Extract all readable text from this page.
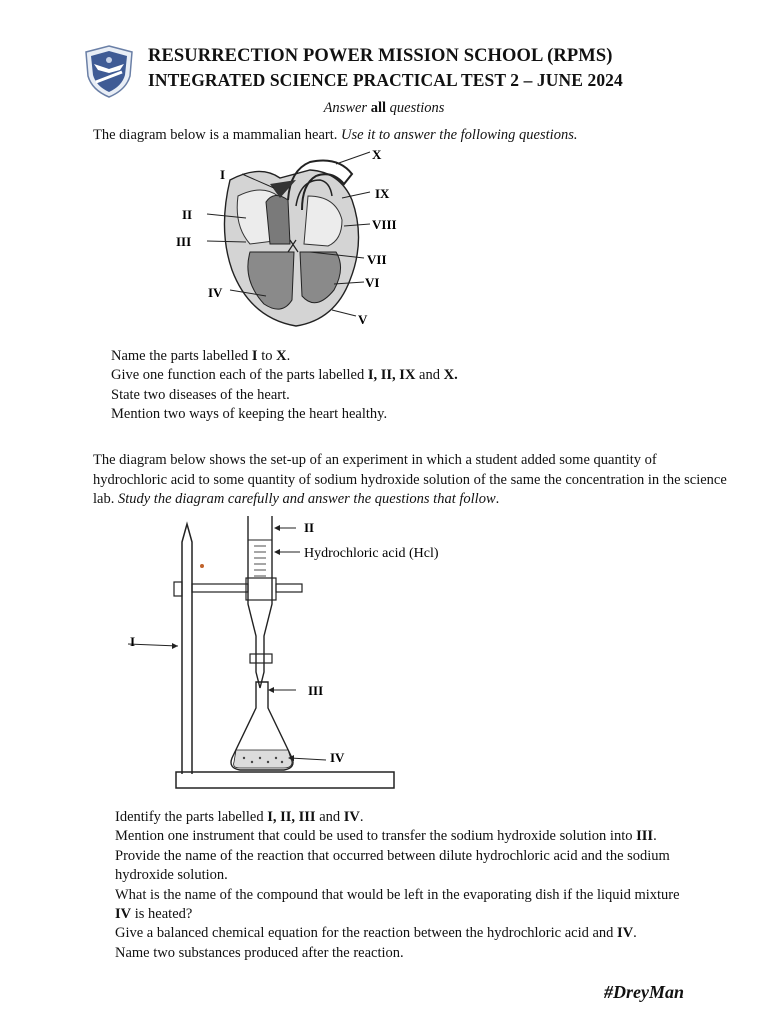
RESURRECTION POWER MISSION SCHOOL (RPMS)
INTEGRATED SCIENCE PRACTICAL TEST 2 – JUNE 2024
Answer all questions
The diagram below is a mammalian heart. Use it to answer the following questions.
I
II
III
IV
V
VI
VII
VIII
IX
X
Name the parts labelled I to X.
Give one function each of the parts labelled I, II, IX and X.
State two diseases of the heart.
Mention two ways of keeping the heart healthy.
The diagram below shows the set-up of an experiment in which a student added some quantity of hydrochloric acid to some quantity of sodium hydroxide solution of the same the concentration in the science lab. Study the diagram carefully and answer the questions that follow.
I
II
Hydrochloric acid (Hcl)
III
IV
Identify the parts labelled I, II, III and IV.
Mention one instrument that could be used to transfer the sodium hydroxide solution into III.
Provide the name of the reaction that occurred between dilute hydrochloric acid and the sodium
hydroxide solution.
What is the name of the compound that would be left in the evaporating dish if the liquid mixture
IV is heated?
Give a balanced chemical equation for the reaction between the hydrochloric acid and IV.
Name two substances produced after the reaction.
#DreyMan
